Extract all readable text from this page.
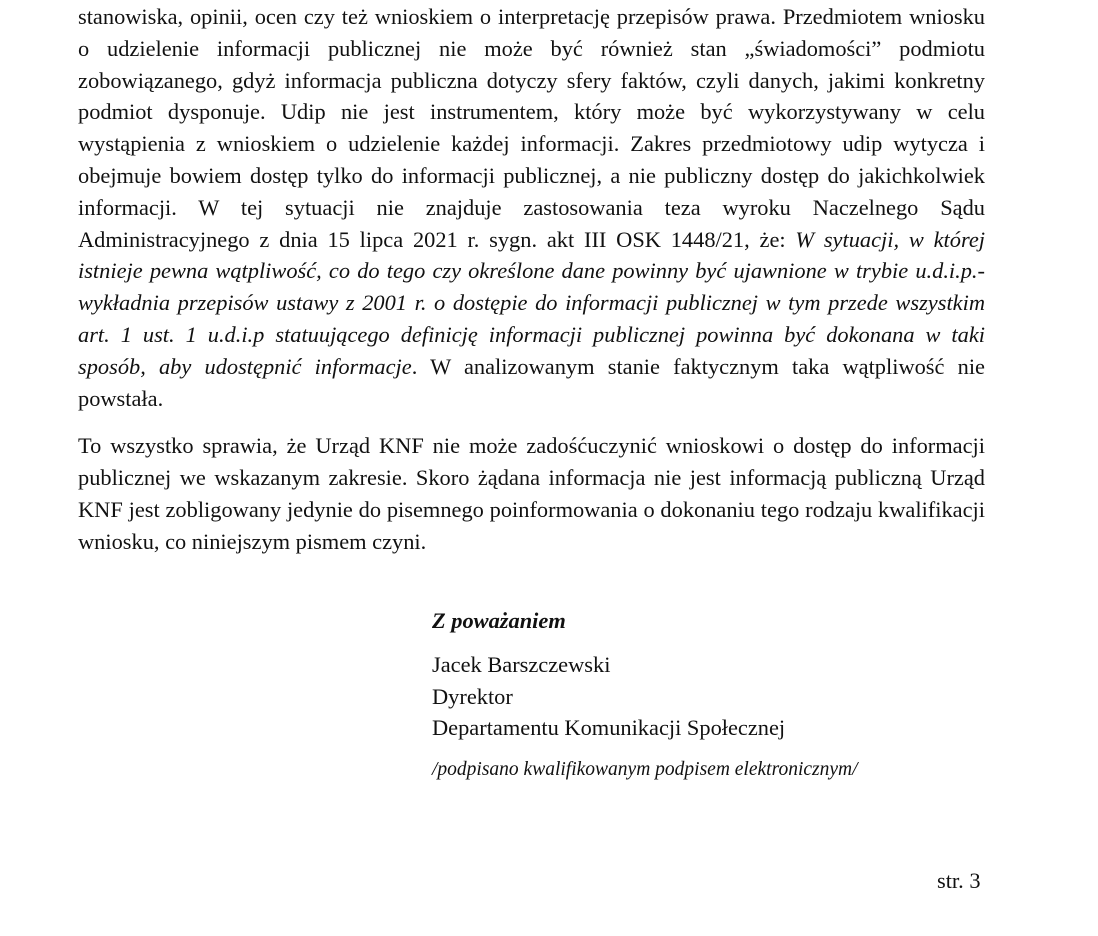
stanowiska, opinii, ocen czy też wnioskiem o interpretację przepisów prawa. Przedmiotem wniosku o udzielenie informacji publicznej nie może być również stan „świadomości” podmiotu zobowiązanego, gdyż informacja publiczna dotyczy sfery faktów, czyli danych, jakimi konkretny podmiot dysponuje. Udip nie jest instrumentem, który może być wykorzystywany w celu wystąpienia z wnioskiem o udzielenie każdej informacji. Zakres przedmiotowy udip wytycza i obejmuje bowiem dostęp tylko do informacji publicznej, a nie publiczny dostęp do jakichkolwiek informacji. W tej sytuacji nie znajduje zastosowania teza wyroku Naczelnego Sądu Administracyjnego z dnia 15 lipca 2021 r. sygn. akt III OSK 1448/21, że: W sytuacji, w której istnieje pewna wątpliwość, co do tego czy określone dane powinny być ujawnione w trybie u.d.i.p.- wykładnia przepisów ustawy z 2001 r. o dostępie do informacji publicznej w tym przede wszystkim art. 1 ust. 1 u.d.i.p statuującego definicję informacji publicznej powinna być dokonana w taki sposób, aby udostępnić informacje. W analizowanym stanie faktycznym taka wątpliwość nie powstała.

To wszystko sprawia, że Urząd KNF nie może zadośćuczynić wnioskowi o dostęp do informacji publicznej we wskazanym zakresie. Skoro żądana informacja nie jest informacją publiczną Urząd KNF jest zobligowany jedynie do pisemnego poinformowania o dokonaniu tego rodzaju kwalifikacji wniosku, co niniejszym pismem czyni.

Z poważaniem

Jacek Barszczewski

Dyrektor

Departamentu Komunikacji Społecznej

/podpisano kwalifikowanym podpisem elektronicznym/

str. 3
